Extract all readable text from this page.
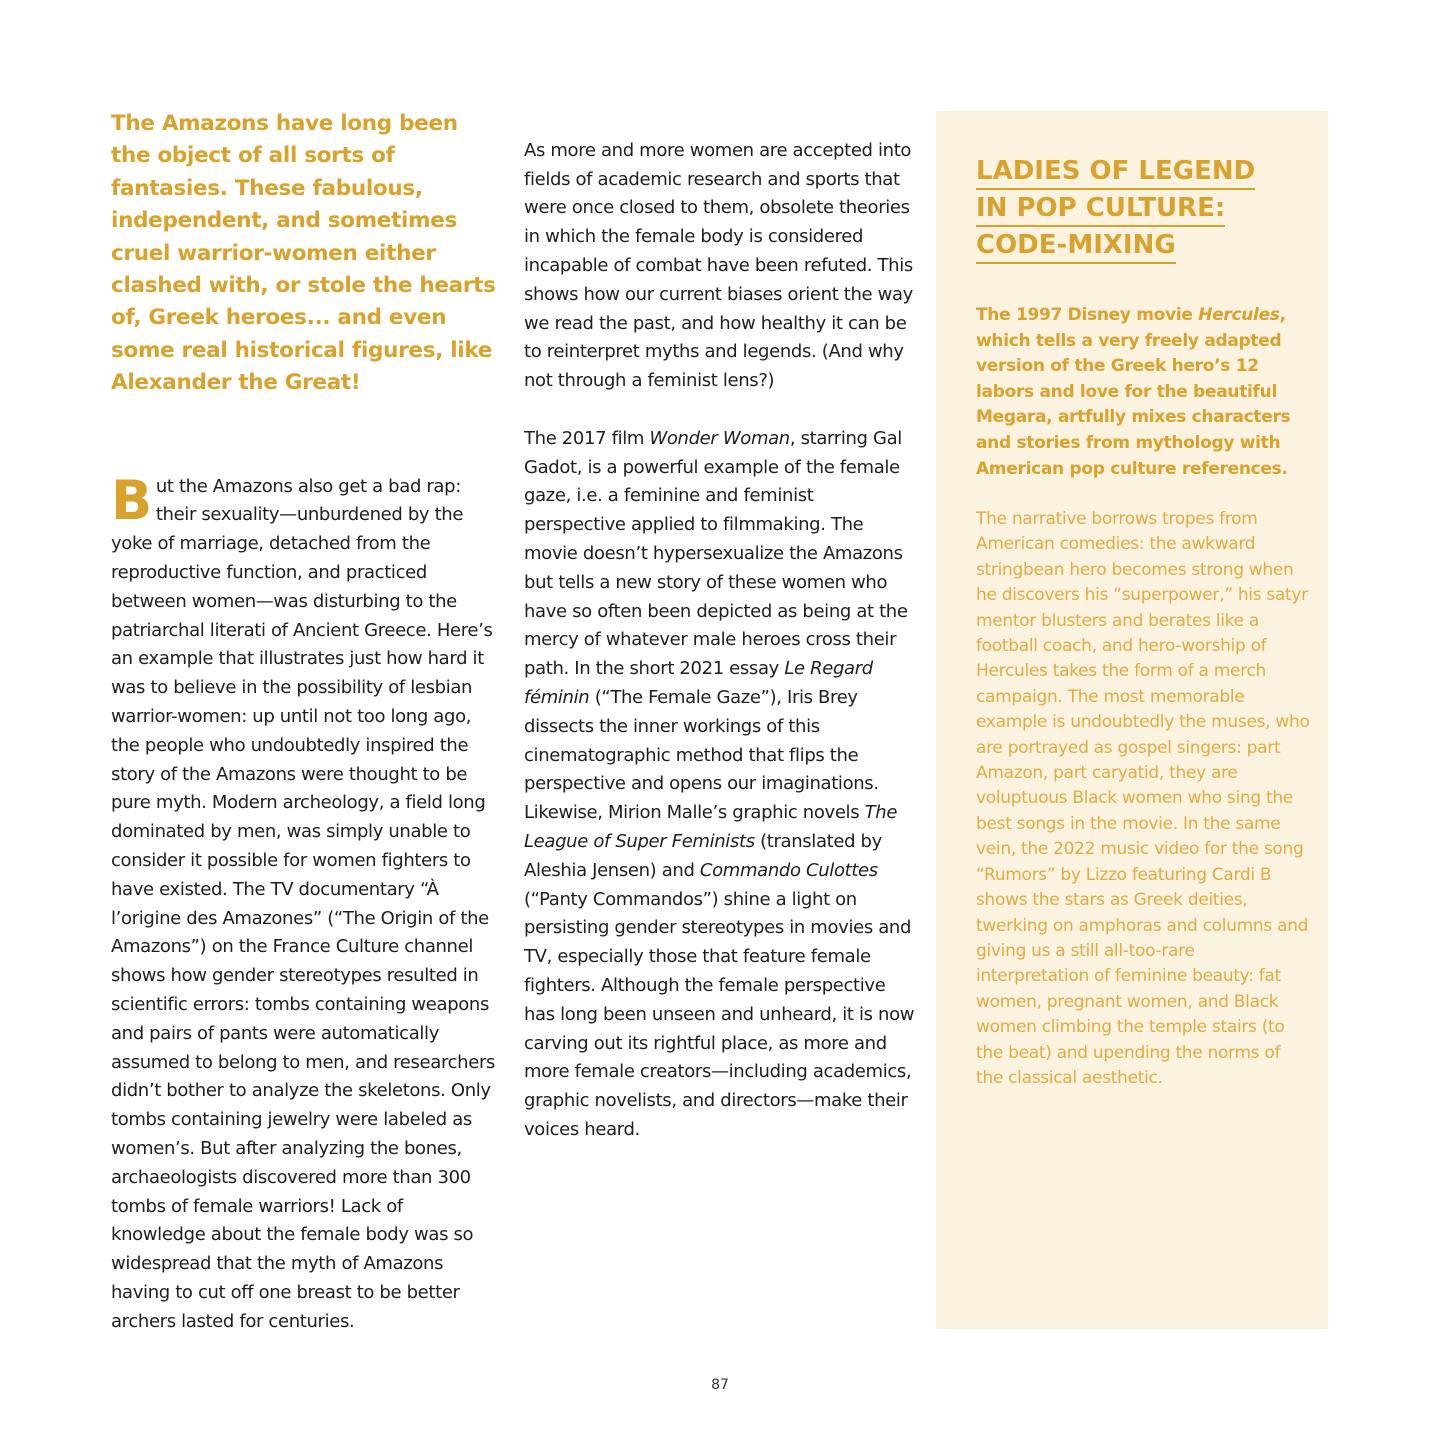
The Amazons have long been the object of all sorts of fantasies. These fabulous, independent, and sometimes cruel warrior-women either clashed with, or stole the hearts of, Greek heroes... and even some real historical figures, like Alexander the Great!

But the Amazons also get a bad rap: their sexuality—unburdened by the yoke of marriage, detached from the reproductive function, and practiced between women—was disturbing to the patriarchal literati of Ancient Greece. Here’s an example that illustrates just how hard it was to believe in the possibility of lesbian warrior-women: up until not too long ago, the people who undoubtedly inspired the story of the Amazons were thought to be pure myth. Modern archeology, a field long dominated by men, was simply unable to consider it possible for women fighters to have existed. The TV documentary “À l’origine des Amazones” (“The Origin of the Amazons”) on the France Culture channel shows how gender stereotypes resulted in scientific errors: tombs containing weapons and pairs of pants were automatically assumed to belong to men, and researchers didn’t bother to analyze the skeletons. Only tombs containing jewelry were labeled as women’s. But after analyzing the bones, archaeologists discovered more than 300 tombs of female warriors! Lack of knowledge about the female body was so widespread that the myth of Amazons having to cut off one breast to be better archers lasted for centuries.

As more and more women are accepted into fields of academic research and sports that were once closed to them, obsolete theories in which the female body is considered incapable of combat have been refuted. This shows how our current biases orient the way we read the past, and how healthy it can be to reinterpret myths and legends. (And why not through a feminist lens?)

The 2017 film Wonder Woman, starring Gal Gadot, is a powerful example of the female gaze, i.e. a feminine and feminist perspective applied to filmmaking. The movie doesn’t hypersexualize the Amazons but tells a new story of these women who have so often been depicted as being at the mercy of whatever male heroes cross their path. In the short 2021 essay Le Regard féminin (“The Female Gaze”), Iris Brey dissects the inner workings of this cinematographic method that flips the perspective and opens our imaginations. Likewise, Mirion Malle’s graphic novels The League of Super Feminists (translated by Aleshia Jensen) and Commando Culottes (“Panty Commandos”) shine a light on persisting gender stereotypes in movies and TV, especially those that feature female fighters. Although the female perspective has long been unseen and unheard, it is now carving out its rightful place, as more and more female creators—including academics, graphic novelists, and directors—make their voices heard.

LADIES OF LEGEND
IN POP CULTURE:
CODE-MIXING

The 1997 Disney movie Hercules, which tells a very freely adapted version of the Greek hero’s 12 labors and love for the beautiful Megara, artfully mixes characters and stories from mythology with American pop culture references.

The narrative borrows tropes from American comedies: the awkward stringbean hero becomes strong when he discovers his “superpower,” his satyr mentor blusters and berates like a football coach, and hero-worship of Hercules takes the form of a merch campaign. The most memorable example is undoubtedly the muses, who are portrayed as gospel singers: part Amazon, part caryatid, they are voluptuous Black women who sing the best songs in the movie. In the same vein, the 2022 music video for the song “Rumors” by Lizzo featuring Cardi B shows the stars as Greek deities, twerking on amphoras and columns and giving us a still all-too-rare interpretation of feminine beauty: fat women, pregnant women, and Black women climbing the temple stairs (to the beat) and upending the norms of the classical aesthetic.

87
